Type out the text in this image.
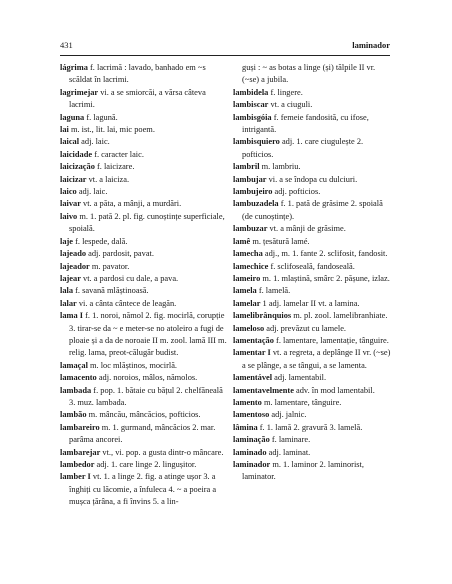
431	laminador

lágrima f. lacrimă : lavado, banhado em ~s scăldat în lacrimi.

lagrimejar vi. a se smiorcăi, a vărsa câteva lacrimi.

laguna f. lagună.

lai m. ist., lit. lai, mic poem.

laical adj. laic.

laicidade f. caracter laic.

laicização f. laicizare.

laicizar vt. a laiciza.

laico adj. laic.

laivar vt. a păta, a mânji, a murdări.

laivo m. 1. pată 2. pl. fig. cunoștințe superficiale, spoială.

laje f. lespede, dală.

lajeado adj. pardosit, pavat.

lajeador m. pavator.

lajear vt. a pardosi cu dale, a pava.

lala f. savană mlăștinoasă.

lalar vi. a cânta cântece de leagăn.

lama I f. 1. noroi, nămol 2. fig. mocirlă, corupție 3. tirar-se da ~ e meter-se no atoleiro a fugi de ploaie și a da de noroaie II m. zool. lamă III m. relig. lama, preot-călugăr budist.

lamaçal m. loc mlăștinos, mocirlă.

lamacento adj. noroios, mâlos, nămolos.

lambada f. pop. 1. bătaie cu bățul 2. chelfăneală 3. muz. lambada.

lambão m. mâncău, mâncăcios, pofticios.

lambareiro m. 1. gurmand, mâncăcios 2. mar. parâma ancorei.

lambarejar vt., vi. pop. a gusta dintr-o mâncare.

lambedor adj. 1. care linge 2. lingușitor.

lamber I vt. 1. a linge 2. fig. a atinge ușor 3. a înghiți cu lăcomie, a înfuleca 4. ~ a poeira a mușca țărâna, a fi învins 5. a lin-

guși : ~ as botas a linge (și) tălpile II vr. (~se) a jubila.

lambidela f. lingere.

lambiscar vt. a ciuguli.

lambisgóia f. femeie fandosită, cu ifose, intrigantă.

lambisquiero adj. 1. care ciugulește 2. pofticios.

lambril m. lambriu.

lambujar vi. a se îndopa cu dulciuri.

lambujeiro adj. pofticios.

lambuzadela f. 1. pată de grăsime 2. spoială (de cunoștințe).

lambuzar vt. a mânji de grăsime.

lamê m. țesătură lamé.

lamecha adj., m. 1. fante 2. sclifosit, fandosit.

lamechice f. sclifoseală, fandoseală.

lameiro m. 1. mlaștină, smârc 2. pășune, izlaz.

lamela f. lamelă.

lamelar 1 adj. lamelar II vt. a lamina.

lamelibrânquios m. pl. zool. lamelibranhiate.

lameloso adj. prevăzut cu lamele.

lamentação f. lamentare, lamentație, tânguire.

lamentar I vt. a regreta, a deplânge II vr. (~se) a se plânge, a se tângui, a se lamenta.

lamentável adj. lamentabil.

lamentavelmente adv. în mod lamentabil.

lamento m. lamentare, tânguire.

lamentoso adj. jalnic.

lâmina f. 1. lamă 2. gravură 3. lamelă.

laminação f. laminare.

laminado adj. laminat.

laminador m. 1. laminor 2. laminorist, laminator.
